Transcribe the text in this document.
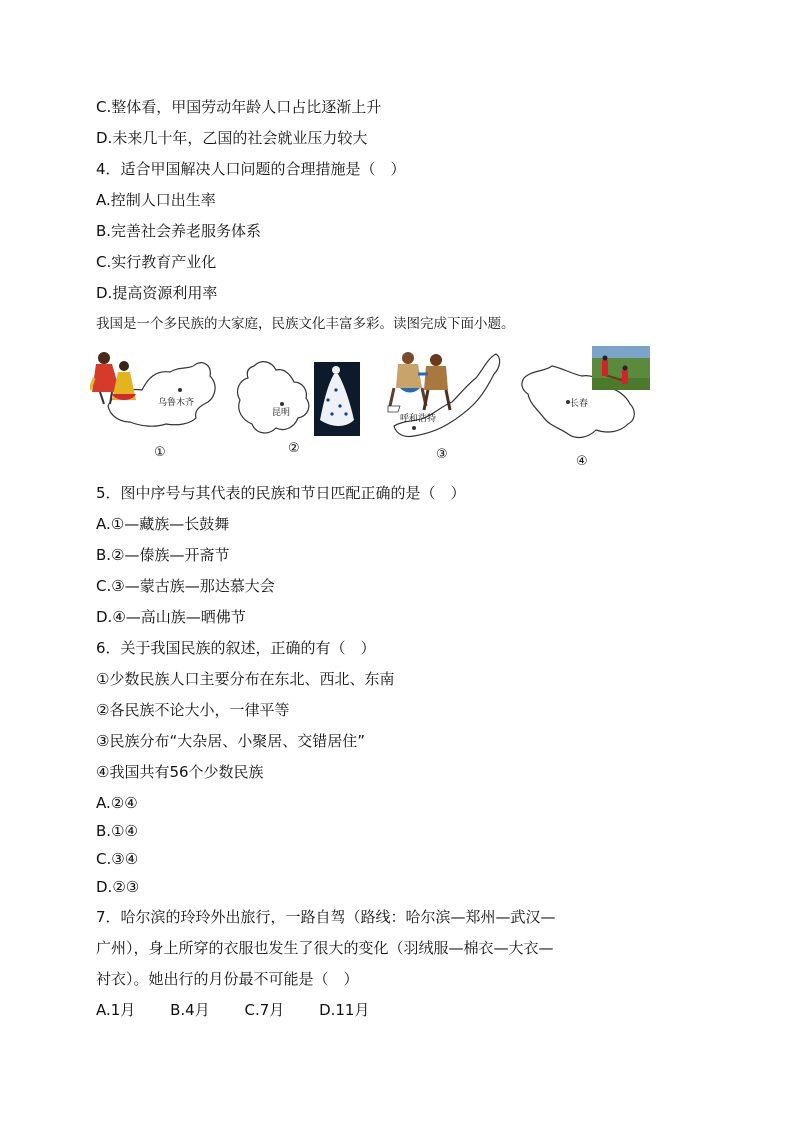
C.整体看，甲国劳动年龄人口占比逐渐上升
D.未来几十年，乙国的社会就业压力较大
4．适合甲国解决人口问题的合理措施是（　）
A.控制人口出生率
B.完善社会养老服务体系
C.实行教育产业化
D.提高资源利用率
我国是一个多民族的大家庭，民族文化丰富多彩。读图完成下面小题。
乌鲁木齐
①
昆明
②
呼和浩特
③
长春
④
5．图中序号与其代表的民族和节日匹配正确的是（　）
A.①—藏族—长鼓舞
B.②—傣族—开斋节
C.③—蒙古族—那达慕大会
D.④—高山族—晒佛节
6．关于我国民族的叙述，正确的有（　）
①少数民族人口主要分布在东北、西北、东南
②各民族不论大小，一律平等
③民族分布“大杂居、小聚居、交错居住”
④我国共有56个少数民族
A.②④
B.①④
C.③④
D.②③
7．哈尔滨的玲玲外出旅行，一路自驾（路线：哈尔滨—郑州—武汉—
广州），身上所穿的衣服也发生了很大的变化（羽绒服—棉衣—大衣—
衬衣）。她出行的月份最不可能是（　）
A.1月 B.4月 C.7月 D.11月
